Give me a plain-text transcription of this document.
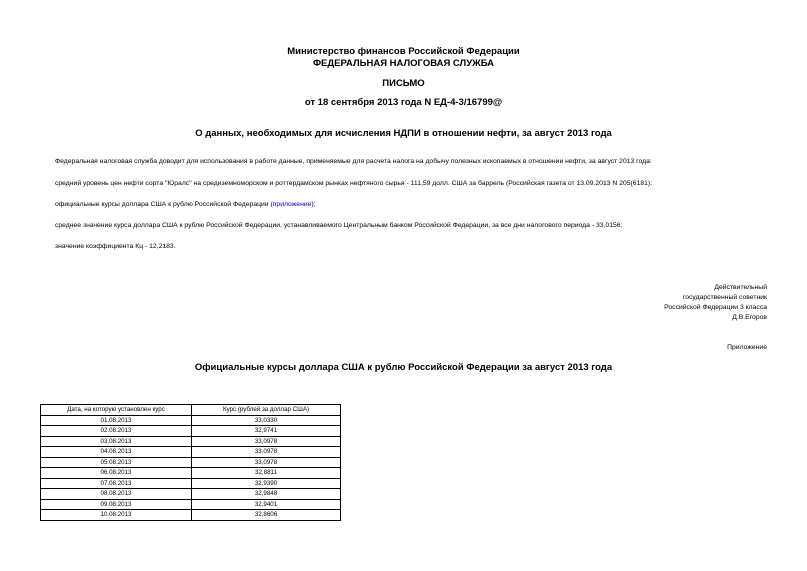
Министерство финансов Российской Федерации
ФЕДЕРАЛЬНАЯ НАЛОГОВАЯ СЛУЖБА
ПИСЬМО
от 18 сентября 2013 года N ЕД-4-3/16799@
О данных, необходимых для исчисления НДПИ в отношении нефти, за август 2013 года
Федеральная налоговая служба доводит для использования в работе данные, применяемые для расчета налога на добычу полезных ископаемых в отношении нефти, за август 2013 года:
средний уровень цен нефти сорта "Юралс" на средиземноморском и роттердамском рынках нефтяного сырья - 111,59 долл. США за баррель (Российская газета от 13.09.2013 N 205(6181);
официальные курсы доллара США к рублю Российской Федерации (приложение);
среднее значение курса доллара США к рублю Российской Федерации, устанавливаемого Центральным банком Российской Федерации, за все дни налогового периода - 33,0156;
значение коэффициента Кц - 12,2183.
Действительный
государственный советник
Российской Федерации 3 класса
Д.В.Егоров
Приложение
Официальные курсы доллара США к рублю Российской Федерации за август 2013 года
Дата, на которую установлен курс	Курс (рублей за доллар США)
01.08.2013	33,0330
02.08.2013	32,9741
03.08.2013	33,0978
04.08.2013	33,0978
05.08.2013	33,0978
06.08.2013	32,8811
07.08.2013	32,9390
08.08.2013	32,9848
09.08.2013	32,9401
10.08.2013	32,8606
